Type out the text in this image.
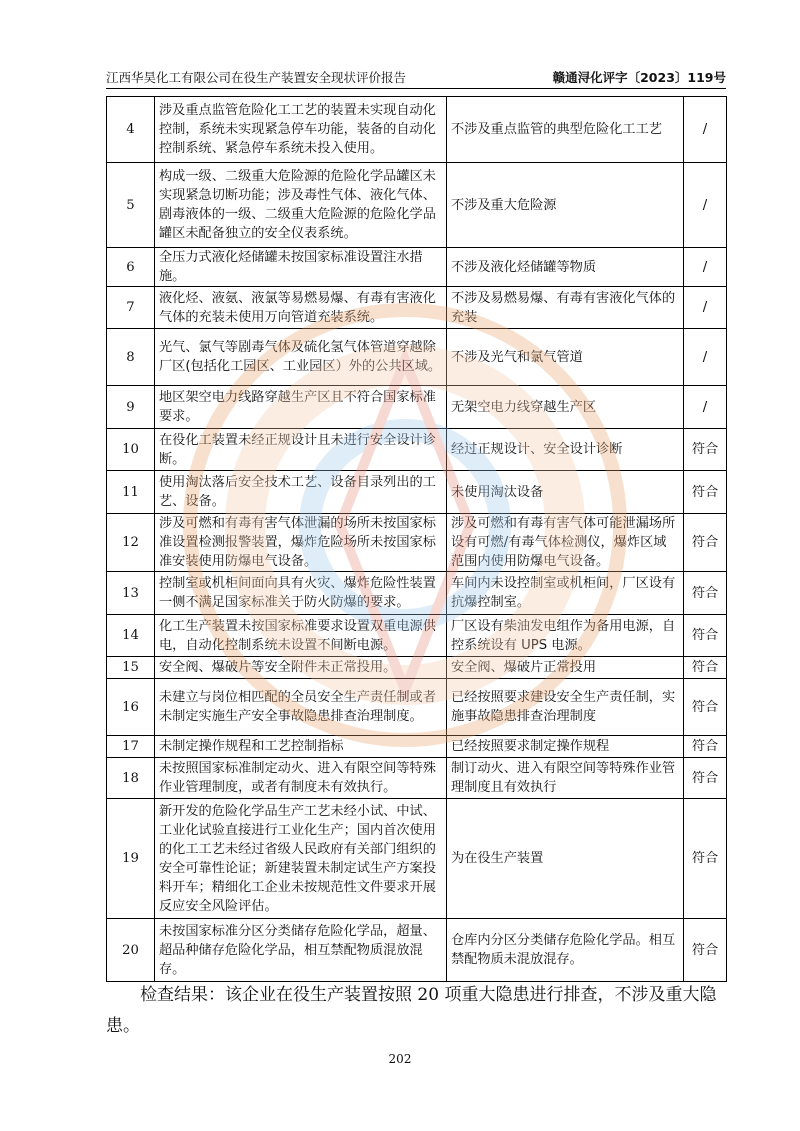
江西华昊化工有限公司在役生产装置安全现状评价报告	赣通浔化评字〔2023〕119号
4	涉及重点监管危险化工工艺的装置未实现自动化控制，系统未实现紧急停车功能，装备的自动化控制系统、紧急停车系统未投入使用。	不涉及重点监管的典型危险化工工艺	/
5	构成一级、二级重大危险源的危险化学品罐区未实现紧急切断功能；涉及毒性气体、液化气体、剧毒液体的一级、二级重大危险源的危险化学品罐区未配备独立的安全仪表系统。	不涉及重大危险源	/
6	全压力式液化烃储罐未按国家标准设置注水措施。	不涉及液化烃储罐等物质	/
7	液化烃、液氨、液氯等易燃易爆、有毒有害液化气体的充装未使用万向管道充装系统。	不涉及易燃易爆、有毒有害液化气体的充装	/
8	光气、氯气等剧毒气体及硫化氢气体管道穿越除厂区(包括化工园区、工业园区）外的公共区域。	不涉及光气和氯气管道	/
9	地区架空电力线路穿越生产区且不符合国家标准要求。	无架空电力线穿越生产区	/
10	在役化工装置未经正规设计且未进行安全设计诊断。	经过正规设计、安全设计诊断	符合
11	使用淘汰落后安全技术工艺、设备目录列出的工艺、设备。	未使用淘汰设备	符合
12	涉及可燃和有毒有害气体泄漏的场所未按国家标准设置检测报警装置，爆炸危险场所未按国家标准安装使用防爆电气设备。	涉及可燃和有毒有害气体可能泄漏场所设有可燃/有毒气体检测仪，爆炸区域范围内使用防爆电气设备。	符合
13	控制室或机柜间面向具有火灾、爆炸危险性装置一侧不满足国家标准关于防火防爆的要求。	车间内未设控制室或机柜间，厂区设有抗爆控制室。	符合
14	化工生产装置未按国家标准要求设置双重电源供电，自动化控制系统未设置不间断电源。	厂区设有柴油发电组作为备用电源，自控系统设有 UPS 电源。	符合
15	安全阀、爆破片等安全附件未正常投用。	安全阀、爆破片正常投用	符合
16	未建立与岗位相匹配的全员安全生产责任制或者未制定实施生产安全事故隐患排查治理制度。	已经按照要求建设安全生产责任制，实施事故隐患排查治理制度	符合
17	未制定操作规程和工艺控制指标	已经按照要求制定操作规程	符合
18	未按照国家标准制定动火、进入有限空间等特殊作业管理制度，或者有制度未有效执行。	制订动火、进入有限空间等特殊作业管理制度且有效执行	符合
19	新开发的危险化学品生产工艺未经小试、中试、工业化试验直接进行工业化生产；国内首次使用的化工工艺未经过省级人民政府有关部门组织的安全可靠性论证；新建装置未制定试生产方案投料开车；精细化工企业未按规范性文件要求开展反应安全风险评估。	为在役生产装置	符合
20	未按国家标准分区分类储存危险化学品，超量、超品种储存危险化学品，相互禁配物质混放混存。	仓库内分区分类储存危险化学品。相互禁配物质未混放混存。	符合

检查结果：该企业在役生产装置按照 20 项重大隐患进行排查，不涉及重大隐患。

202
